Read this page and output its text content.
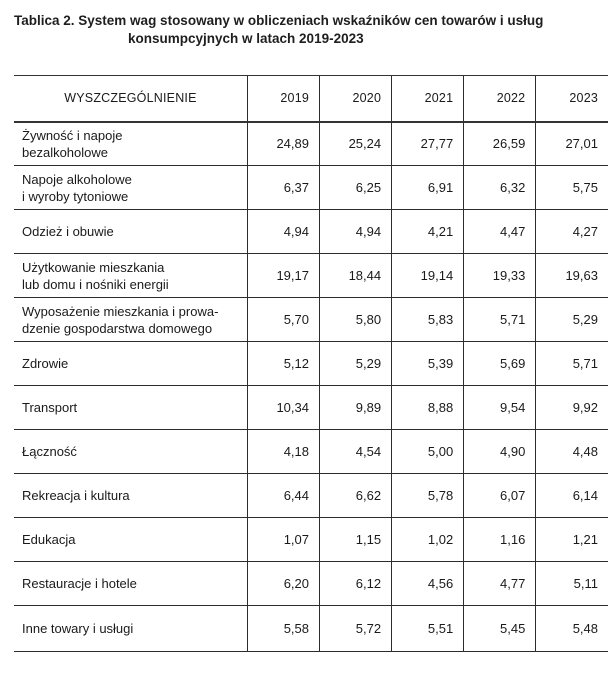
Tablica 2. System wag stosowany w obliczeniach wskaźników cen towarów i usług
konsumpcyjnych w latach 2019-2023
WYSZCZEGÓLNIENIE	2019	2020	2021	2022	2023

Żywność i napoje
bezalkoholowe	24,89	25,24	27,77	26,59	27,01

Napoje alkoholowe
i wyroby tytoniowe	6,37	6,25	6,91	6,32	5,75

Odzież i obuwie	4,94	4,94	4,21	4,47	4,27

Użytkowanie mieszkania
lub domu i nośniki energii	19,17	18,44	19,14	19,33	19,63

Wyposażenie mieszkania i prowa-
dzenie gospodarstwa domowego	5,70	5,80	5,83	5,71	5,29

Zdrowie	5,12	5,29	5,39	5,69	5,71

Transport	10,34	9,89	8,88	9,54	9,92

Łączność	4,18	4,54	5,00	4,90	4,48

Rekreacja i kultura	6,44	6,62	5,78	6,07	6,14

Edukacja	1,07	1,15	1,02	1,16	1,21

Restauracje i hotele	6,20	6,12	4,56	4,77	5,11

Inne towary i usługi	5,58	5,72	5,51	5,45	5,48
